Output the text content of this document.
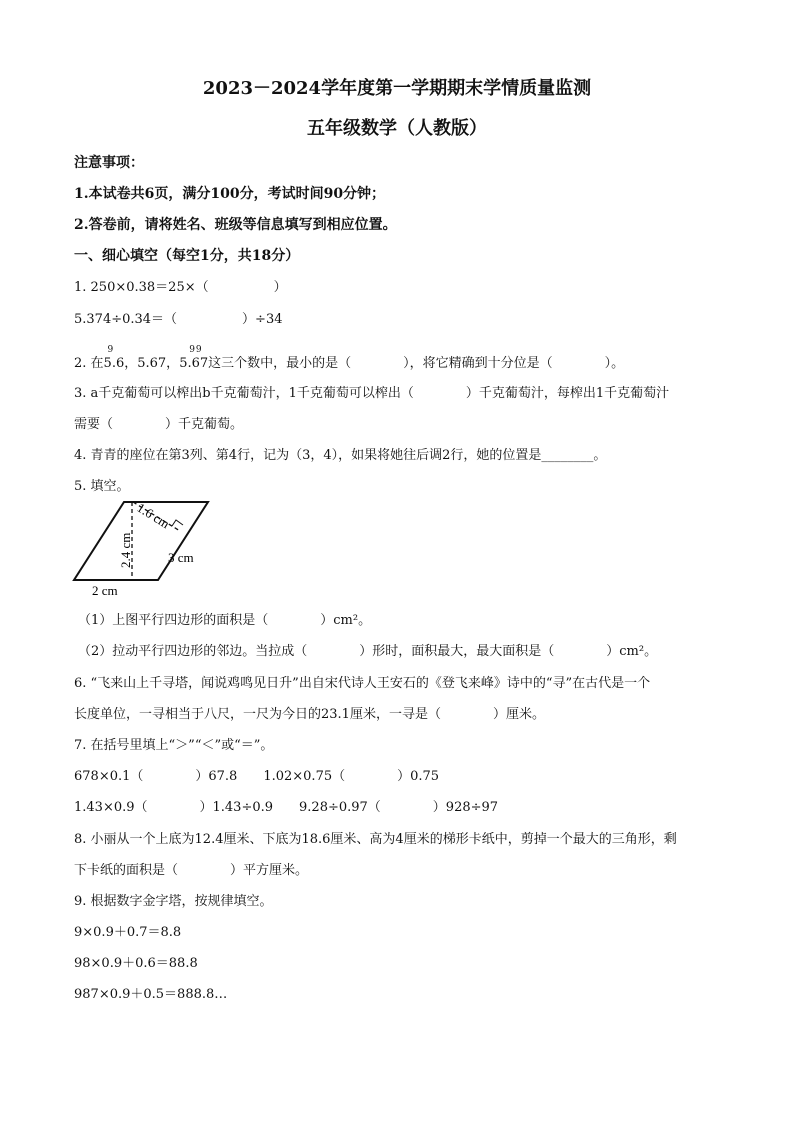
2023－2024学年度第一学期期末学情质量监测
五年级数学（人教版）
注意事项：
1.本试卷共6页，满分100分，考试时间90分钟；
2.答卷前，请将姓名、班级等信息填写到相应位置。
一、细心填空（每空1分，共18分）
1. 250×0.38＝25×（　　　　　）
5.374÷0.34＝（　　　　　）÷34
2. 在
9
5.6，5.67，
99
5.67这三个数中，最小的是（　　　　），将它精确到十分位是（　　　　）。
3. a千克葡萄可以榨出b千克葡萄汁，1千克葡萄可以榨出（　　　　）千克葡萄汁，每榨出1千克葡萄汁
需要（　　　　）千克葡萄。
4. 青青的座位在第3列、第4行，记为（3，4），如果将她往后调2行，她的位置是________。
5. 填空。
1.6 cm
2.4 cm	3 cm
2 cm
（1）上图平行四边形的面积是（　　　　）cm²。
（2）拉动平行四边形的邻边。当拉成（　　　　）形时，面积最大，最大面积是（　　　　）cm²。
6. “飞来山上千寻塔，闻说鸡鸣见日升”出自宋代诗人王安石的《登飞来峰》诗中的“寻”在古代是一个
长度单位，一寻相当于八尺，一尺为今日的23.1厘米，一寻是（　　　　）厘米。
7. 在括号里填上“＞”“＜”或“＝”。
678×0.1（　　　　）67.8　　1.02×0.75（　　　　）0.75
1.43×0.9（　　　　）1.43÷0.9　　9.28÷0.97（　　　　）928÷97
8. 小丽从一个上底为12.4厘米、下底为18.6厘米、高为4厘米的梯形卡纸中，剪掉一个最大的三角形，剩
下卡纸的面积是（　　　　）平方厘米。
9. 根据数字金字塔，按规律填空。
9×0.9＋0.7＝8.8
98×0.9＋0.6＝88.8
987×0.9＋0.5＝888.8…
